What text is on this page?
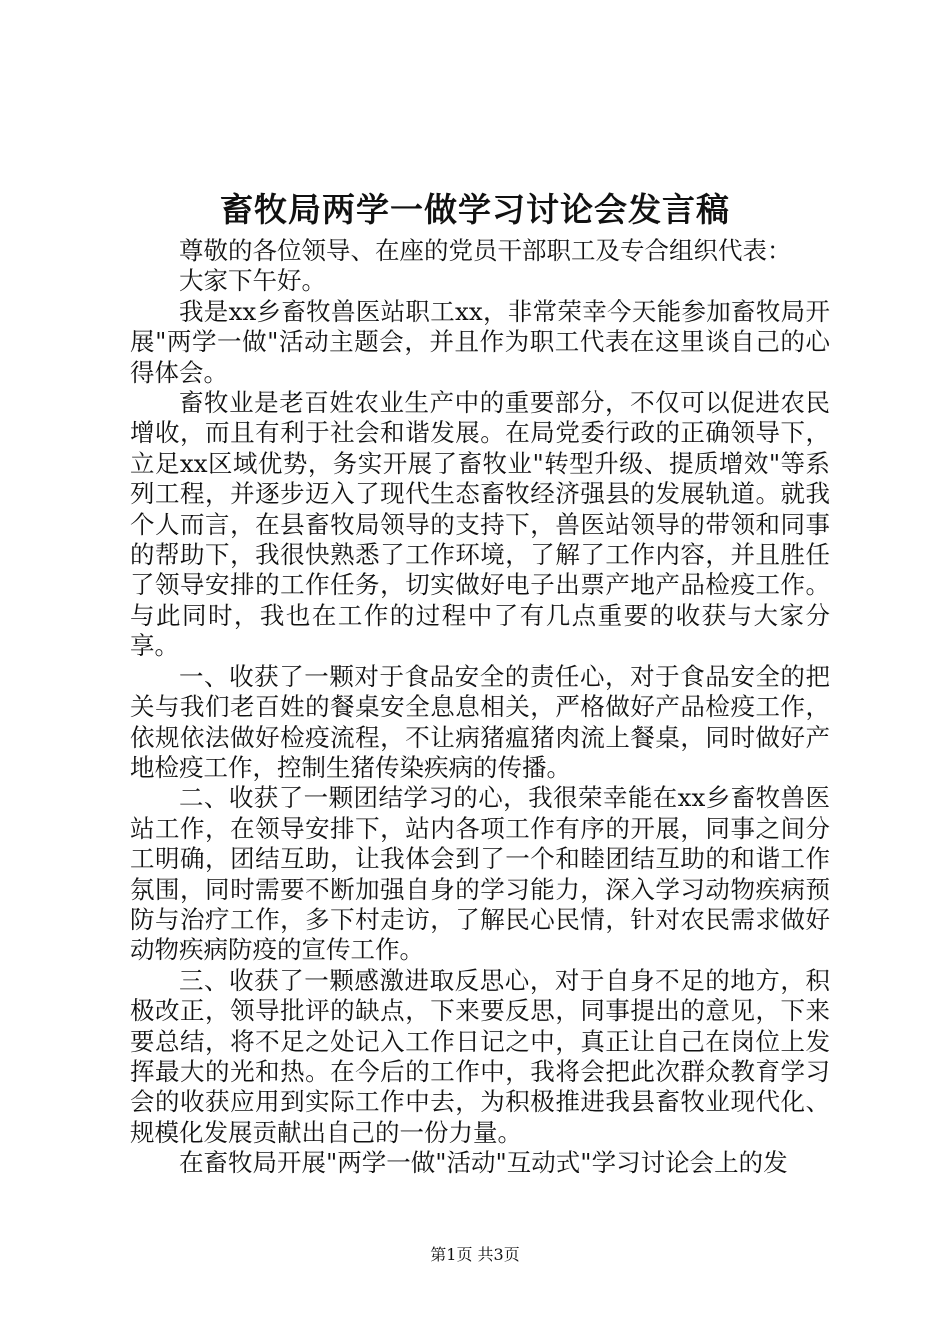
畜牧局两学一做学习讨论会发言稿

尊敬的各位领导、在座的党员干部职工及专合组织代表：

大家下午好。

我是xx乡畜牧兽医站职工xx，非常荣幸今天能参加畜牧局开展"两学一做"活动主题会，并且作为职工代表在这里谈自己的心得体会。

畜牧业是老百姓农业生产中的重要部分，不仅可以促进农民增收，而且有利于社会和谐发展。在局党委行政的正确领导下，立足xx区域优势，务实开展了畜牧业"转型升级、提质增效"等系列工程，并逐步迈入了现代生态畜牧经济强县的发展轨道。就我个人而言，在县畜牧局领导的支持下，兽医站领导的带领和同事的帮助下，我很快熟悉了工作环境，了解了工作内容，并且胜任了领导安排的工作任务，切实做好电子出票产地产品检疫工作。与此同时，我也在工作的过程中了有几点重要的收获与大家分享。

一、收获了一颗对于食品安全的责任心，对于食品安全的把关与我们老百姓的餐桌安全息息相关，严格做好产品检疫工作，依规依法做好检疫流程，不让病猪瘟猪肉流上餐桌，同时做好产地检疫工作，控制生猪传染疾病的传播。

二、收获了一颗团结学习的心，我很荣幸能在xx乡畜牧兽医站工作，在领导安排下，站内各项工作有序的开展，同事之间分工明确，团结互助，让我体会到了一个和睦团结互助的和谐工作氛围，同时需要不断加强自身的学习能力，深入学习动物疾病预防与治疗工作，多下村走访，了解民心民情，针对农民需求做好动物疾病防疫的宣传工作。

三、收获了一颗感激进取反思心，对于自身不足的地方，积极改正，领导批评的缺点，下来要反思，同事提出的意见，下来要总结，将不足之处记入工作日记之中，真正让自己在岗位上发挥最大的光和热。在今后的工作中，我将会把此次群众教育学习会的收获应用到实际工作中去，为积极推进我县畜牧业现代化、规模化发展贡献出自己的一份力量。

在畜牧局开展"两学一做"活动"互动式"学习讨论会上的发

第1页 共3页
